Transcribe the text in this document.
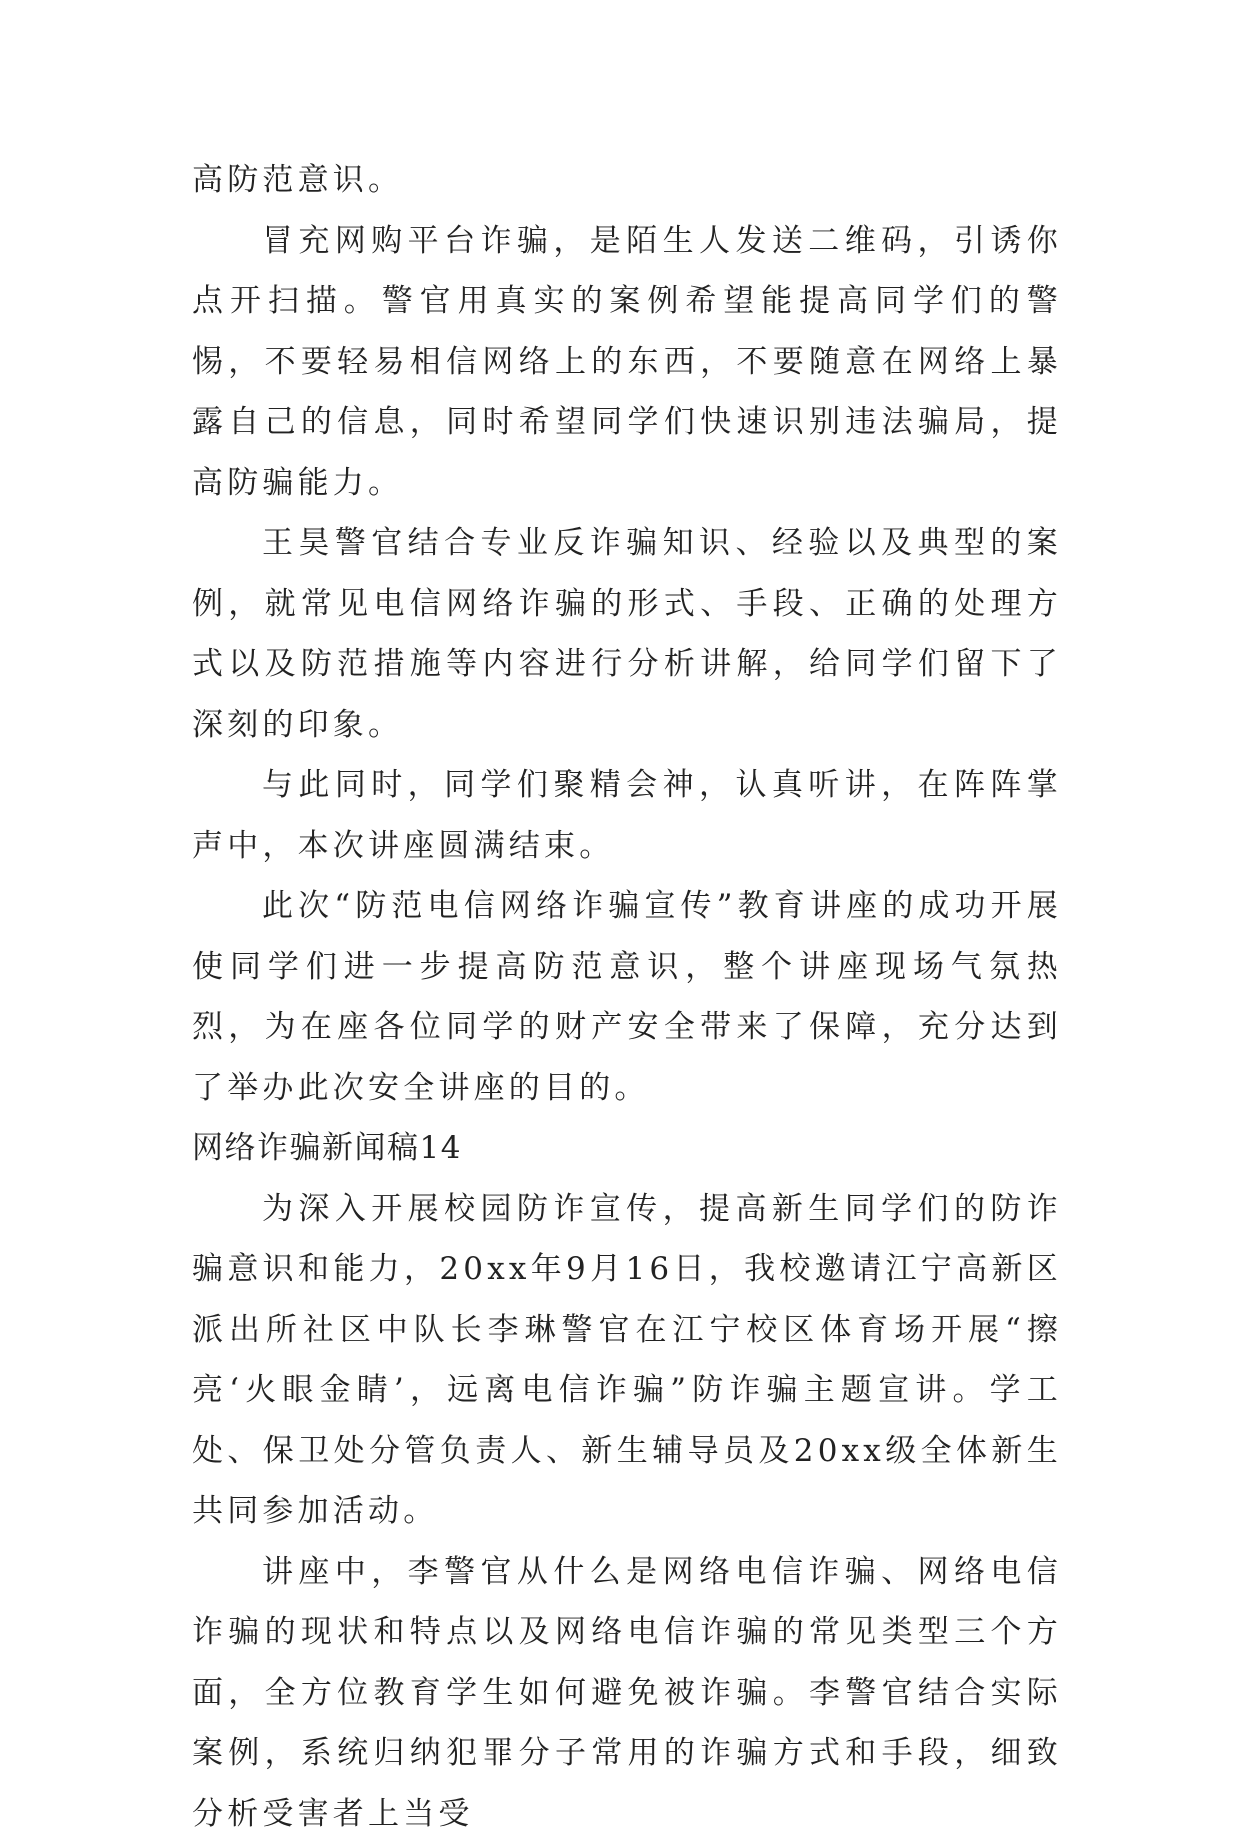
高防范意识。

冒充网购平台诈骗，是陌生人发送二维码，引诱你点开扫描。警官用真实的案例希望能提高同学们的警惕，不要轻易相信网络上的东西，不要随意在网络上暴露自己的信息，同时希望同学们快速识别违法骗局，提高防骗能力。

王昊警官结合专业反诈骗知识、经验以及典型的案例，就常见电信网络诈骗的形式、手段、正确的处理方式以及防范措施等内容进行分析讲解，给同学们留下了深刻的印象。

与此同时，同学们聚精会神，认真听讲，在阵阵掌声中，本次讲座圆满结束。

此次“防范电信网络诈骗宣传”教育讲座的成功开展使同学们进一步提高防范意识，整个讲座现场气氛热烈，为在座各位同学的财产安全带来了保障，充分达到了举办此次安全讲座的目的。

网络诈骗新闻稿14

为深入开展校园防诈宣传，提高新生同学们的防诈骗意识和能力，20xx年9月16日，我校邀请江宁高新区派出所社区中队长李琳警官在江宁校区体育场开展“擦亮‘火眼金睛’，远离电信诈骗”防诈骗主题宣讲。学工处、保卫处分管负责人、新生辅导员及20xx级全体新生共同参加活动。

讲座中，李警官从什么是网络电信诈骗、网络电信诈骗的现状和特点以及网络电信诈骗的常见类型三个方面，全方位教育学生如何避免被诈骗。李警官结合实际案例，系统归纳犯罪分子常用的诈骗方式和手段，细致分析受害者上当受
